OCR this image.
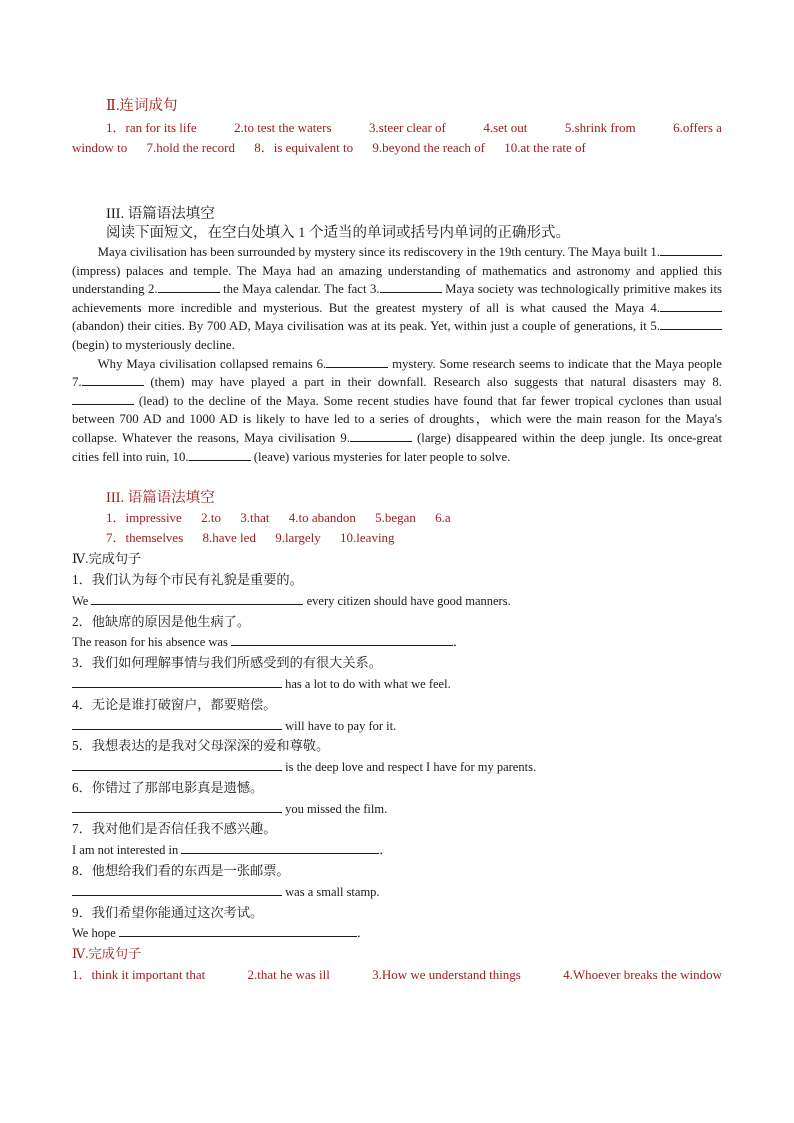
Ⅱ.连词成句
1．ran for its life	2.to test the waters	3.steer clear of	4.set out	5.shrink from	6.offers a
window to 7.hold the record 8．is equivalent to 9.beyond the reach of 10.at the rate of
III. 语篇语法填空
阅读下面短文，在空白处填入 1 个适当的单词或括号内单词的正确形式。

Maya civilisation has been surrounded by mystery since its rediscovery in the 19th century. The Maya built 1. (impress) palaces and temple. The Maya had an amazing understanding of mathematics and astronomy and applied this understanding 2.	the Maya calendar. The fact 3.	Maya society was technologically primitive makes its achievements more incredible and mysterious. But the greatest mystery of all is what caused the Maya 4. (abandon) their cities. By 700 AD, Maya civilisation was at its peak. Yet, within just a couple of generations, it 5. (begin) to mysteriously decline.

Why Maya civilisation collapsed remains 6.	mystery. Some research seems to indicate that the Maya people 7.	(them) may have played a part in their downfall. Research also suggests that natural disasters may 8. (lead) to the decline of the Maya. Some recent studies have found that far fewer tropical cyclones than usual between 700 AD and 1000 AD is likely to have led to a series of droughts，which were the main reason for the Maya's collapse. Whatever the reasons, Maya civilisation 9.	(large) disappeared within the deep jungle. Its once-great cities fell into ruin, 10.	(leave) various mysteries for later people to solve.

III. 语篇语法填空
1．impressive 2.to 3.that 4.to abandon 5.began 6.a
7．themselves 8.have led 9.largely 10.leaving
Ⅳ.完成句子
1．我们认为每个市民有礼貌是重要的。
We	every citizen should have good manners.
2．他缺席的原因是他生病了。
The reason for his absence was	．
3．我们如何理解事情与我们所感受到的有很大关系。
has a lot to do with what we feel.
4．无论是谁打破窗户，都要赔偿。
will have to pay for it.
5．我想表达的是我对父母深深的爱和尊敬。
is the deep love and respect I have for my parents.
6．你错过了那部电影真是遗憾。
you missed the film.
7．我对他们是否信任我不感兴趣。
I am not interested in	．
8．他想给我们看的东西是一张邮票。
was a small stamp.
9．我们希望你能通过这次考试。
We hope	．
Ⅳ.完成句子
1．think it important that	2.that he was ill	3.How we understand things	4.Whoever breaks the window
